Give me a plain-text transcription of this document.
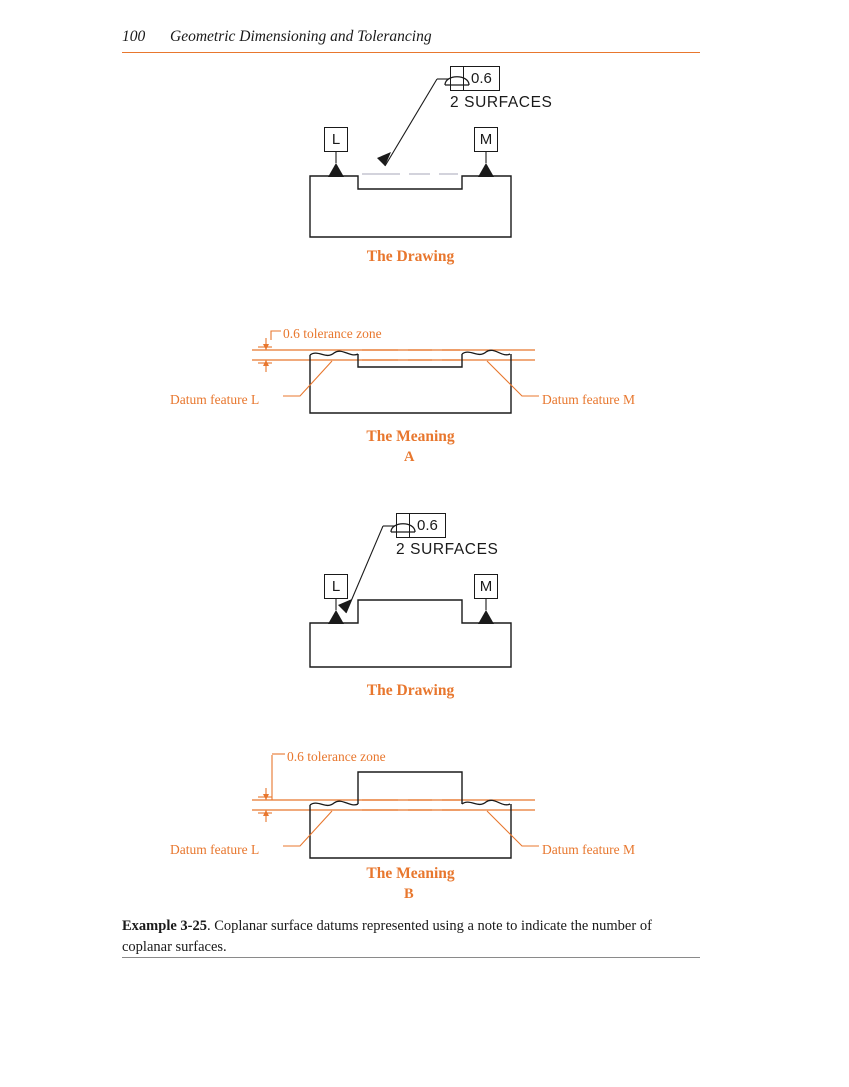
100	Geometric Dimensioning and Tolerancing
0.6
2 SURFACES
L	M
The Drawing
0.6 tolerance zone
Datum feature L	Datum feature M
The Meaning
A
0.6
2 SURFACES
L	M
The Drawing
0.6 tolerance zone
Datum feature L	Datum feature M
The Meaning
B
Example 3-25. Coplanar surface datums represented using a note to indicate the number of coplanar surfaces.
